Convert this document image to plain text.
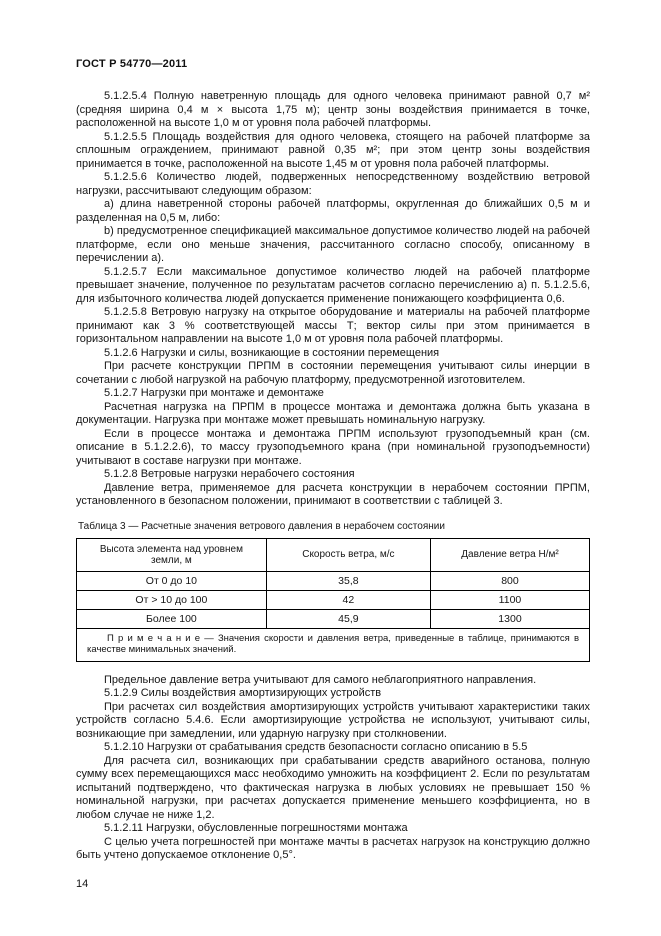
ГОСТ Р 54770—2011

5.1.2.5.4 Полную наветренную площадь для одного человека принимают равной 0,7 м² (средняя ширина 0,4 м × высота 1,75 м); центр зоны воздействия принимается в точке, расположенной на высоте 1,0 м от уровня пола рабочей платформы.

5.1.2.5.5 Площадь воздействия для одного человека, стоящего на рабочей платформе за сплошным ограждением, принимают равной 0,35 м²; при этом центр зоны воздействия принимается в точке, расположенной на высоте 1,45 м от уровня пола рабочей платформы.

5.1.2.5.6 Количество людей, подверженных непосредственному воздействию ветровой нагрузки, рассчитывают следующим образом:

а) длина наветренной стороны рабочей платформы, округленная до ближайших 0,5 м и разделенная на 0,5 м, либо:

b) предусмотренное спецификацией максимальное допустимое количество людей на рабочей платформе, если оно меньше значения, рассчитанного согласно способу, описанному в перечислении а).

5.1.2.5.7 Если максимальное допустимое количество людей на рабочей платформе превышает значение, полученное по результатам расчетов согласно перечислению а) п. 5.1.2.5.6, для избыточного количества людей допускается применение понижающего коэффициента 0,6.

5.1.2.5.8 Ветровую нагрузку на открытое оборудование и материалы на рабочей платформе принимают как 3 % соответствующей массы Т; вектор силы при этом принимается в горизонтальном направлении на высоте 1,0 м от уровня пола рабочей платформы.

5.1.2.6 Нагрузки и силы, возникающие в состоянии перемещения

При расчете конструкции ПРПМ в состоянии перемещения учитывают силы инерции в сочетании с любой нагрузкой на рабочую платформу, предусмотренной изготовителем.

5.1.2.7 Нагрузки при монтаже и демонтаже

Расчетная нагрузка на ПРПМ в процессе монтажа и демонтажа должна быть указана в документации. Нагрузка при монтаже может превышать номинальную нагрузку.

Если в процессе монтажа и демонтажа ПРПМ используют грузоподъемный кран (см. описание в 5.1.2.2.6), то массу грузоподъемного крана (при номинальной грузоподъемности) учитывают в составе нагрузки при монтаже.

5.1.2.8 Ветровые нагрузки нерабочего состояния

Давление ветра, применяемое для расчета конструкции в нерабочем состоянии ПРПМ, установленного в безопасном положении, принимают в соответствии с таблицей 3.

Таблица 3 — Расчетные значения ветрового давления в нерабочем состоянии
Высота элемента над уровнем земли, м	Скорость ветра, м/с	Давление ветра Н/м²
От 0 до 10	35,8	800
От > 10 до 100	42	1100
Более 100	45,9	1300
П р и м е ч а н и е — Значения скорости и давления ветра, приведенные в таблице, принимаются в качестве минимальных значений.		

Предельное давление ветра учитывают для самого неблагоприятного направления.

5.1.2.9 Силы воздействия амортизирующих устройств

При расчетах сил воздействия амортизирующих устройств учитывают характеристики таких устройств согласно 5.4.6. Если амортизирующие устройства не используют, учитывают силы, возникающие при замедлении, или ударную нагрузку при столкновении.

5.1.2.10 Нагрузки от срабатывания средств безопасности согласно описанию в 5.5

Для расчета сил, возникающих при срабатывании средств аварийного останова, полную сумму всех перемещающихся масс необходимо умножить на коэффициент 2. Если по результатам испытаний подтверждено, что фактическая нагрузка в любых условиях не превышает 150 % номинальной нагрузки, при расчетах допускается применение меньшего коэффициента, но в любом случае не ниже 1,2.

5.1.2.11 Нагрузки, обусловленные погрешностями монтажа

С целью учета погрешностей при монтаже мачты в расчетах нагрузок на конструкцию должно быть учтено допускаемое отклонение 0,5°.

14
